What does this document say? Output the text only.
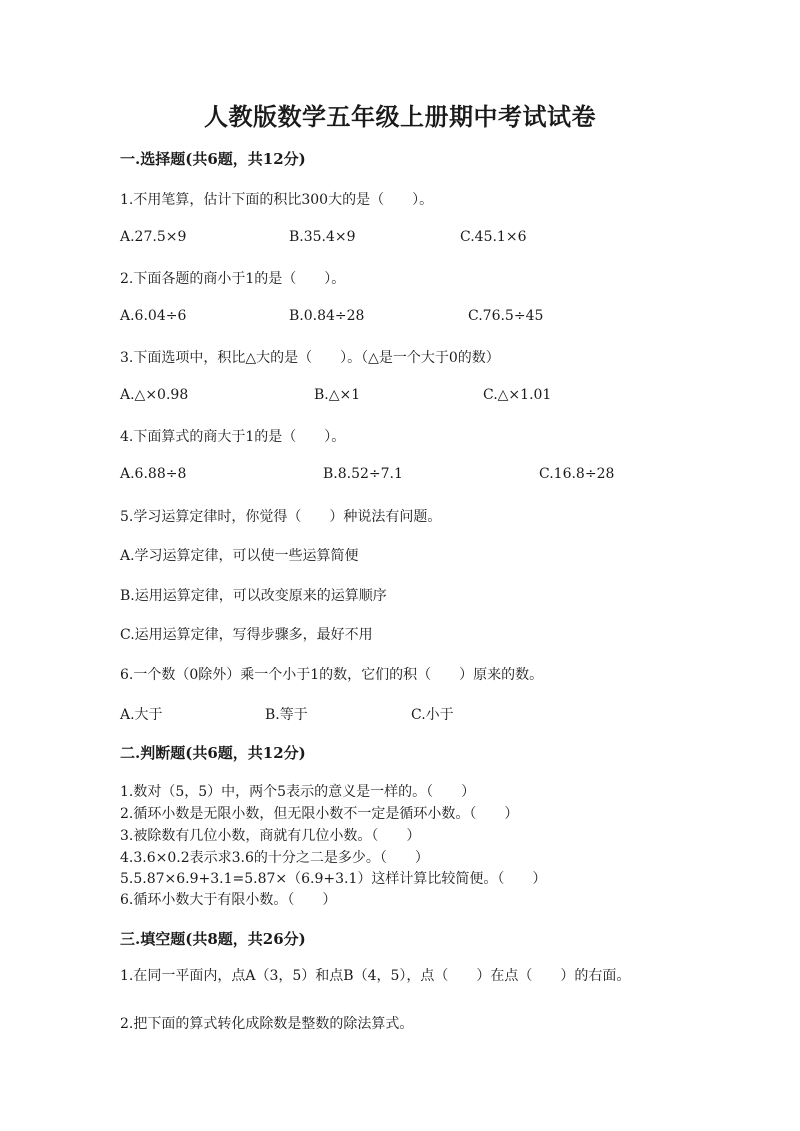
人教版数学五年级上册期中考试试卷
一.选择题(共6题，共12分)
1.不用笔算，估计下面的积比300大的是（　　）。
A.27.5×9	B.35.4×9	C.45.1×6
2.下面各题的商小于1的是（　　）。
A.6.04÷6	B.0.84÷28	C.76.5÷45
3.下面选项中，积比△大的是（　　）。（△是一个大于0的数）
A.△×0.98	B.△×1	C.△×1.01
4.下面算式的商大于1的是（　　）。
A.6.88÷8	B.8.52÷7.1	C.16.8÷28
5.学习运算定律时，你觉得（　　）种说法有问题。
A.学习运算定律，可以使一些运算简便
B.运用运算定律，可以改变原来的运算顺序
C.运用运算定律，写得步骤多，最好不用
6.一个数（0除外）乘一个小于1的数，它们的积（　　）原来的数。
A.大于	B.等于	C.小于
二.判断题(共6题，共12分)
1.数对（5，5）中，两个5表示的意义是一样的。（　　）
2.循环小数是无限小数，但无限小数不一定是循环小数。（　　）
3.被除数有几位小数，商就有几位小数。（　　）
4.3.6×0.2表示求3.6的十分之二是多少。（　　）
5.5.87×6.9+3.1=5.87×（6.9+3.1）这样计算比较简便。（　　）
6.循环小数大于有限小数。（　　）
三.填空题(共8题，共26分)
1.在同一平面内，点A（3，5）和点B（4，5），点（　　）在点（　　）的右面。
2.把下面的算式转化成除数是整数的除法算式。
